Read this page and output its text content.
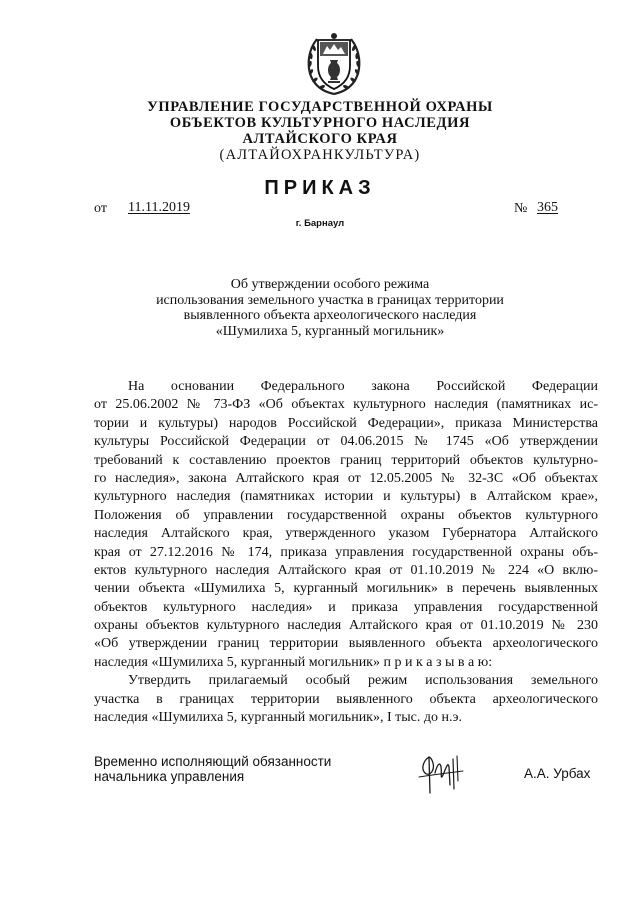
УПРАВЛЕНИЕ ГОСУДАРСТВЕННОЙ ОХРАНЫ
ОБЪЕКТОВ КУЛЬТУРНОГО НАСЛЕДИЯ
АЛТАЙСКОГО КРАЯ
(АЛТАЙОХРАНКУЛЬТУРА)
ПРИКАЗ
от 11.11.2019	№ 365
г. Барнаул
Об утверждении особого режима
использования земельного участка в границах территории
выявленного объекта археологического наследия
«Шумилиха 5, курганный могильник»
На основании Федерального закона Российской Федерации
от 25.06.2002 № 73-ФЗ «Об объектах культурного наследия (памятниках ис-
тории и культуры) народов Российской Федерации», приказа Министерства
культуры Российской Федерации от 04.06.2015 № 1745 «Об утверждении
требований к составлению проектов границ территорий объектов культурно-
го наследия», закона Алтайского края от 12.05.2005 № 32-ЗС «Об объектах
культурного наследия (памятниках истории и культуры) в Алтайском крае»,
Положения об управлении государственной охраны объектов культурного
наследия Алтайского края, утвержденного указом Губернатора Алтайского
края от 27.12.2016 № 174, приказа управления государственной охраны объ-
ектов культурного наследия Алтайского края от 01.10.2019 № 224 «О вклю-
чении объекта «Шумилиха 5, курганный могильник» в перечень выявленных
объектов культурного наследия» и приказа управления государственной
охраны объектов культурного наследия Алтайского края от 01.10.2019 № 230
«Об утверждении границ территории выявленного объекта археологического
наследия «Шумилиха 5, курганный могильник» п р и к а з ы в а ю:
Утвердить прилагаемый особый режим использования земельного
участка в границах территории выявленного объекта археологического
наследия «Шумилиха 5, курганный могильник», I тыс. до н.э.
Временно исполняющий обязанности
начальника управления	А.А. Урбах
